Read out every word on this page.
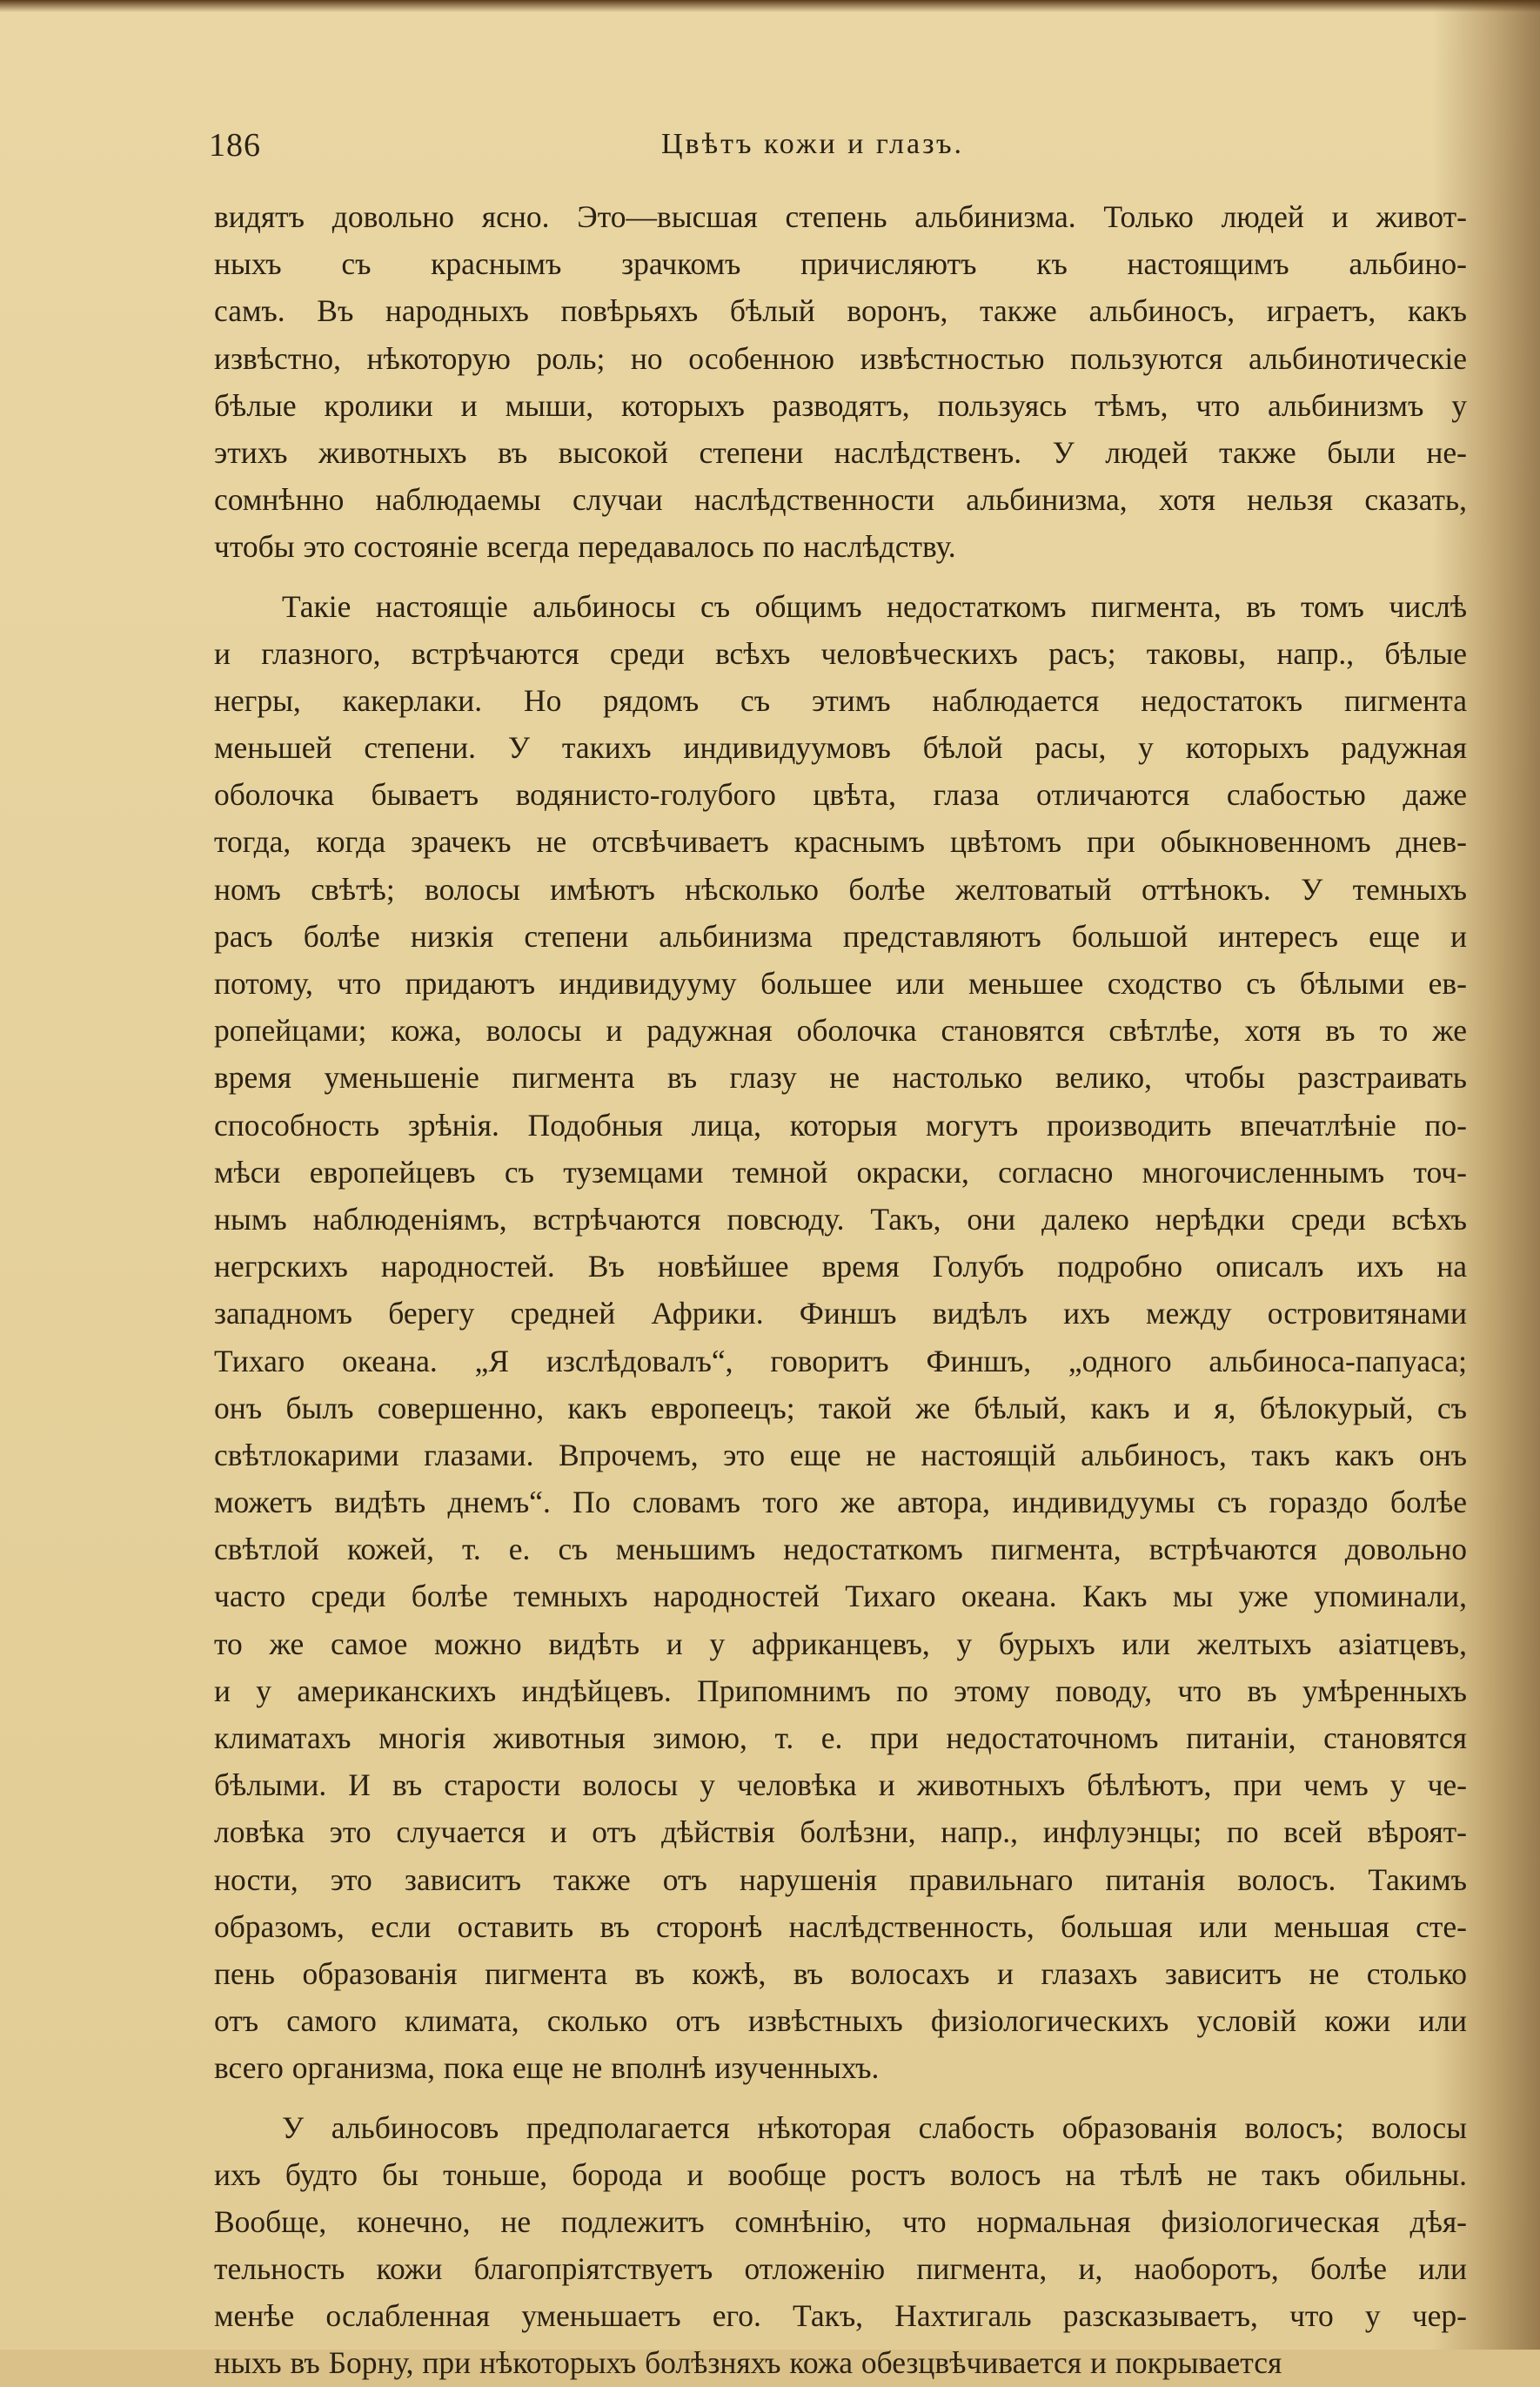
186	Цвѣтъ кожи и глазъ.
видятъ довольно ясно. Это—высшая степень альбинизма. Только людей и живот-
ныхъ съ краснымъ зрачкомъ причисляютъ къ настоящимъ альбино-
самъ. Въ народныхъ повѣрьяхъ бѣлый воронъ, также альбиносъ, играетъ, какъ
извѣстно, нѣкоторую роль; но особенною извѣстностью пользуются альбинотическіе
бѣлые кролики и мыши, которыхъ разводятъ, пользуясь тѣмъ, что альбинизмъ у
этихъ животныхъ въ высокой степени наслѣдственъ. У людей также были не-
сомнѣнно наблюдаемы случаи наслѣдственности альбинизма, хотя нельзя сказать,
чтобы это состояніе всегда передавалось по наслѣдству.
Такіе настоящіе альбиносы съ общимъ недостаткомъ пигмента, въ томъ числѣ
и глазного, встрѣчаются среди всѣхъ человѣческихъ расъ; таковы, напр., бѣлые
негры, какерлаки. Но рядомъ съ этимъ наблюдается недостатокъ пигмента
меньшей степени. У такихъ индивидуумовъ бѣлой расы, у которыхъ радужная
оболочка бываетъ водянисто-голубого цвѣта, глаза отличаются слабостью даже
тогда, когда зрачекъ не отсвѣчиваетъ краснымъ цвѣтомъ при обыкновенномъ днев-
номъ свѣтѣ; волосы имѣютъ нѣсколько болѣе желтоватый оттѣнокъ. У темныхъ
расъ болѣе низкія степени альбинизма представляютъ большой интересъ еще и
потому, что придаютъ индивидууму большее или меньшее сходство съ бѣлыми ев-
ропейцами; кожа, волосы и радужная оболочка становятся свѣтлѣе, хотя въ то же
время уменьшеніе пигмента въ глазу не настолько велико, чтобы разстраивать
способность зрѣнія. Подобныя лица, которыя могутъ производить впечатлѣніе по-
мѣси европейцевъ съ туземцами темной окраски, согласно многочисленнымъ точ-
нымъ наблюденіямъ, встрѣчаются повсюду. Такъ, они далеко нерѣдки среди всѣхъ
негрскихъ народностей. Въ новѣйшее время Голубъ подробно описалъ ихъ на
западномъ берегу средней Африки. Финшъ видѣлъ ихъ между островитянами
Тихаго океана. „Я изслѣдовалъ“, говоритъ Финшъ, „одного альбиноса-папуаса;
онъ былъ совершенно, какъ европеецъ; такой же бѣлый, какъ и я, бѣлокурый, съ
свѣтлокарими глазами. Впрочемъ, это еще не настоящій альбиносъ, такъ какъ онъ
можетъ видѣть днемъ“. По словамъ того же автора, индивидуумы съ гораздо болѣе
свѣтлой кожей, т. е. съ меньшимъ недостаткомъ пигмента, встрѣчаются довольно
часто среди болѣе темныхъ народностей Тихаго океана. Какъ мы уже упоминали,
то же самое можно видѣть и у африканцевъ, у бурыхъ или желтыхъ азіатцевъ,
и у американскихъ индѣйцевъ. Припомнимъ по этому поводу, что въ умѣренныхъ
климатахъ многія животныя зимою, т. е. при недостаточномъ питаніи, становятся
бѣлыми. И въ старости волосы у человѣка и животныхъ бѣлѣютъ, при чемъ у че-
ловѣка это случается и отъ дѣйствія болѣзни, напр., инфлуэнцы; по всей вѣроят-
ности, это зависитъ также отъ нарушенія правильнаго питанія волосъ. Такимъ
образомъ, если оставить въ сторонѣ наслѣдственность, большая или меньшая сте-
пень образованія пигмента въ кожѣ, въ волосахъ и глазахъ зависитъ не столько
отъ самого климата, сколько отъ извѣстныхъ физіологическихъ условій кожи или
всего организма, пока еще не вполнѣ изученныхъ.
У альбиносовъ предполагается нѣкоторая слабость образованія волосъ; волосы
ихъ будто бы тоньше, борода и вообще ростъ волосъ на тѣлѣ не такъ обильны.
Вообще, конечно, не подлежитъ сомнѣнію, что нормальная физіологическая дѣя-
тельность кожи благопріятствуетъ отложенію пигмента, и, наоборотъ, болѣе или
менѣе ослабленная уменьшаетъ его. Такъ, Нахтигаль разсказываетъ, что у чер-
ныхъ въ Борну, при нѣкоторыхъ болѣзняхъ кожа обезцвѣчивается и покрывается
